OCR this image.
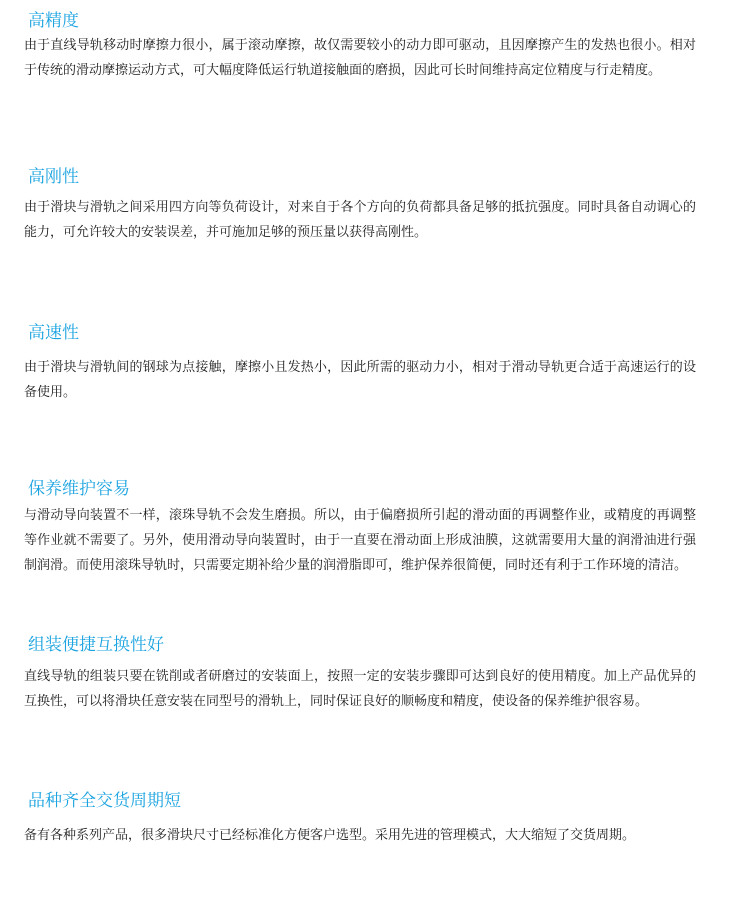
高精度

由于直线导轨移动时摩擦力很小，属于滚动摩擦，故仅需要较小的动力即可驱动，且因摩擦产生的发热也很小。相对于传统的滑动摩擦运动方式，可大幅度降低运行轨道接触面的磨损，因此可长时间维持高定位精度与行走精度。

高刚性

由于滑块与滑轨之间采用四方向等负荷设计，对来自于各个方向的负荷都具备足够的抵抗强度。同时具备自动调心的能力，可允许较大的安装误差，并可施加足够的预压量以获得高刚性。

高速性

由于滑块与滑轨间的钢球为点接触，摩擦小且发热小，因此所需的驱动力小，相对于滑动导轨更合适于高速运行的设备使用。

保养维护容易

与滑动导向装置不一样，滚珠导轨不会发生磨损。所以，由于偏磨损所引起的滑动面的再调整作业，或精度的再调整等作业就不需要了。另外，使用滑动导向装置时，由于一直要在滑动面上形成油膜，这就需要用大量的润滑油进行强制润滑。而使用滚珠导轨时，只需要定期补给少量的润滑脂即可，维护保养很简便，同时还有利于工作环境的清洁。

组装便捷互换性好

直线导轨的组装只要在铣削或者研磨过的安装面上，按照一定的安装步骤即可达到良好的使用精度。加上产品优异的互换性，可以将滑块任意安装在同型号的滑轨上，同时保证良好的顺畅度和精度，使设备的保养维护很容易。

品种齐全交货周期短

备有各种系列产品，很多滑块尺寸已经标准化方便客户选型。采用先进的管理模式，大大缩短了交货周期。
